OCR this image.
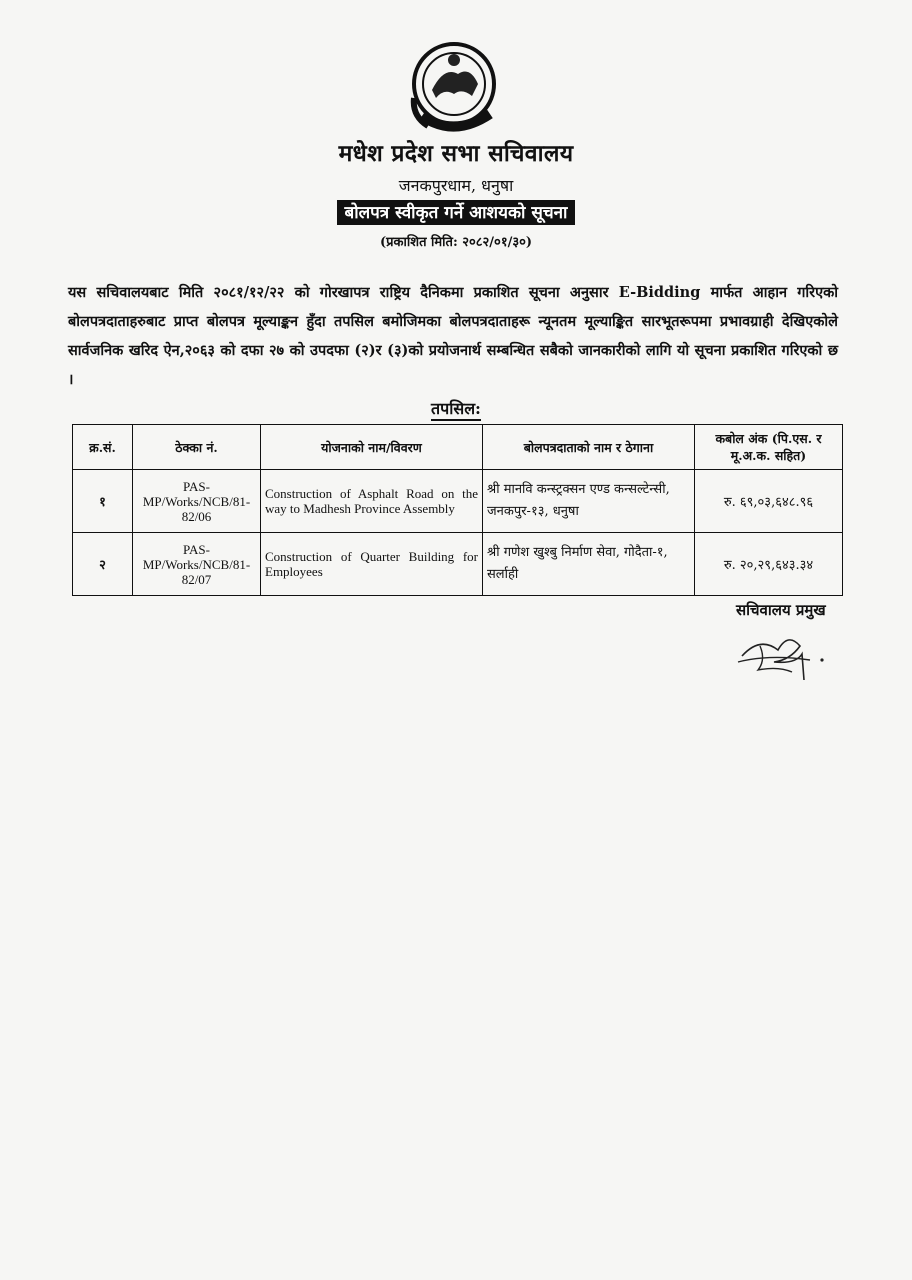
मधेश प्रदेश सभा सचिवालय
जनकपुरधाम, धनुषा
बोलपत्र स्वीकृत गर्ने आशयको सूचना
(प्रकाशित मिति: २०८२/०१/३०)
यस सचिवालयबाट मिति २०८१/१२/२२ को गोरखापत्र राष्ट्रिय दैनिकमा प्रकाशित सूचना अनुसार E-Bidding मार्फत आहान गरिएको बोलपत्रदाताहरुबाट प्राप्त बोलपत्र मूल्याङ्कन हुँदा तपसिल बमोजिमका बोलपत्रदाताहरू न्यूनतम मूल्याङ्कित सारभूतरूपमा प्रभावग्राही देखिएकोले सार्वजनिक खरिद ऐन,२०६३ को दफा २७ को उपदफा (२)र (३)को प्रयोजनार्थ सम्बन्धित सबैको जानकारीको लागि यो सूचना प्रकाशित गरिएको छ ।
तपसिल:
क्र.सं.	ठेक्का नं.	योजनाको नाम/विवरण	बोलपत्रदाताको नाम र ठेगाना	कबोल अंक (पि.एस. र मू.अ.क. सहित)
१	PAS-MP/Works/NCB/81-82/06	Construction of Asphalt Road on the way to Madhesh Province Assembly	श्री मानवि कन्स्ट्रक्सन एण्ड कन्सल्टेन्सी, जनकपुर-१३, धनुषा	रु. ६९,०३,६४८.९६
२	PAS-MP/Works/NCB/81-82/07	Construction of Quarter Building for Employees	श्री गणेश खुश्बु निर्माण सेवा, गोदैता-१, सर्लाही	रु. २०,२९,६४३.३४
सचिवालय प्रमुख
